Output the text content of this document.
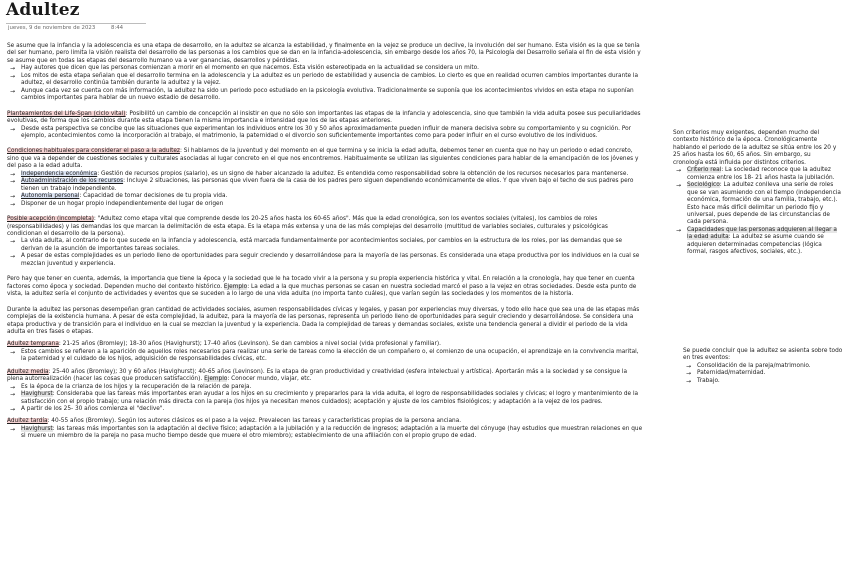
Adultez
jueves, 9 de noviembre de 2023	8:44

Se asume que la infancia y la adolescencia es una etapa de desarrollo, en la adultez se alcanza la estabilidad, y finalmente en la vejez se produce un declive, la involución del ser humano. Esta visión es la que se tenía del ser humano, pero limita la visión realista del desarrollo de las personas a los cambios que se dan en la infancia-adolescencia, sin embargo desde los años 70, la Psicología del Desarrollo señala el fin de esta visión y se asume que en todas las etapas del desarrollo humano va a ver ganancias, desarrollos y pérdidas.

→	Hay autores que dicen que las personas comienzan a morir en el momento en que nacemos. Esta visión estereotipada en la actualidad se considera un mito.
→	Los mitos de esta etapa señalan que el desarrollo termina en la adolescencia y La adultez es un periodo de estabilidad y ausencia de cambios. Lo cierto es que en realidad ocurren cambios importantes durante la adultez, el desarrollo continúa también durante la adultez y la vejez.
→	Aunque cada vez se cuenta con más información, la adultez ha sido un periodo poco estudiado en la psicología evolutiva. Tradicionalmente se suponía que los acontecimientos vividos en esta etapa no suponían cambios importantes para hablar de un nuevo estadio de desarrollo.

Planteamientos del Life-Span (ciclo vital): Posibilitó un cambio de concepción al insistir en que no sólo son importantes las etapas de la infancia y adolescencia, sino que también la vida adulta posee sus peculiaridades evolutivas, de forma que los cambios durante esta etapa tienen la misma importancia e intensidad que los de las etapas anteriores.

→	Desde esta perspectiva se concibe que las situaciones que experimentan los individuos entre los 30 y 50 años aproximadamente pueden influir de manera decisiva sobre su comportamiento y su cognición. Por ejemplo, acontecimientos como la incorporación al trabajo, el matrimonio, la paternidad o el divorcio son suficientemente importantes como para poder influir en el curso evolutivo de los individuos.

Condiciones habituales para considerar el paso a la adultez: Si hablamos de la juventud y del momento en el que termina y se inicia la edad adulta, debemos tener en cuenta que no hay un periodo o edad concreto, sino que va a depender de cuestiones sociales y culturales asociadas al lugar concreto en el que nos encontremos. Habitualmente se utilizan las siguientes condiciones para hablar de la emancipación de los jóvenes y del paso a la edad adulta.

→	Independencia económica: Gestión de recursos propios (salario), es un signo de haber alcanzado la adultez. Es entendida como responsabilidad sobre la obtención de los recursos necesarios para mantenerse.
→	Autoadministración de los recursos: Incluye 2 situaciones, las personas que viven fuera de la casa de los padres pero siguen dependiendo económicamente de ellos. Y que viven bajo el techo de sus padres pero tienen un trabajo independiente.
→	Autonomía personal: Capacidad de tomar decisiones de tu propia vida.
→	Disponer de un hogar propio independientemente del lugar de origen

Posible acepción (incompleta): "Adultez como etapa vital que comprende desde los 20-25 años hasta los 60-65 años". Más que la edad cronológica, son los eventos sociales (vitales), los cambios de roles (responsabilidades) y las demandas los que marcan la delimitación de esta etapa. Es la etapa más extensa y una de las más complejas del desarrollo (multitud de variables sociales, culturales y psicológicas condicionan el desarrollo de la persona).

→	La vida adulta, al contrario de lo que sucede en la infancia y adolescencia, está marcada fundamentalmente por acontecimientos sociales, por cambios en la estructura de los roles, por las demandas que se derivan de la asunción de importantes tareas sociales.
→	A pesar de estas complejidades es un periodo lleno de oportunidades para seguir creciendo y desarrollándose para la mayoría de las personas. Es considerada una etapa productiva por los individuos en la cual se mezclan juventud y experiencia.

Pero hay que tener en cuenta, además, la importancia que tiene la época y la sociedad que le ha tocado vivir a la persona y su propia experiencia histórica y vital. En relación a la cronología, hay que tener en cuenta factores como época y sociedad. Dependen mucho del contexto histórico. Ejemplo: La edad a la que muchas personas se casan en nuestra sociedad marcó el paso a la vejez en otras sociedades. Desde esta punto de vista, la adultez sería el conjunto de actividades y eventos que se suceden a lo largo de una vida adulta (no importa tanto cuáles), que varían según las sociedades y los momentos de la historia.

Durante la adultez las personas desempeñan gran cantidad de actividades sociales, asumen responsabilidades cívicas y legales, y pasan por experiencias muy diversas, y todo ello hace que sea una de las etapas más complejas de la existencia humana. A pesar de esta complejidad, la adultez, para la mayoría de las personas, representa un periodo lleno de oportunidades para seguir creciendo y desarrollándose. Se considera una etapa productiva y de transición para el individuo en la cual se mezclan la juventud y la experiencia. Dada la complejidad de tareas y demandas sociales, existe una tendencia general a dividir el periodo de la vida adulta en tres fases o etapas.

Adultez temprana: 21-25 años (Bromley); 18-30 años (Havighurst); 17-40 años (Levinson). Se dan cambios a nivel social (vida profesional y familiar).

→	Estos cambios se refieren a la aparición de aquellos roles necesarios para realizar una serie de tareas como la elección de un compañero o, el comienzo de una ocupación, el aprendizaje en la convivencia marital, la paternidad y el cuidado de los hijos, adquisición de responsabilidades cívicas, etc.

Adultez media: 25-40 años (Bromley); 30 y 60 años (Havighurst); 40-65 años (Levinson). Es la etapa de gran productividad y creatividad (esfera intelectual y artística). Aportarán más a la sociedad y se consigue la plena autorrealización (hacer las cosas que producen satisfacción). Ejemplo: Conocer mundo, viajar, etc.

→	Es la época de la crianza de los hijos y la recuperación de la relación de pareja.
→	Havighurst: Consideraba que las tareas más importantes eran ayudar a los hijos en su crecimiento y prepararlos para la vida adulta, el logro de responsabilidades sociales y cívicas; el logro y mantenimiento de la satisfacción con el propio trabajo; una relación más directa con la pareja (los hijos ya necesitan menos cuidados); aceptación y ajuste de los cambios fisiológicos; y adaptación a la vejez de los padres.
→	A partir de los 25- 30 años comienza el "declive".

Adultez tardía: 40-55 años (Bromley). Según los autores clásicos es el paso a la vejez. Prevalecen las tareas y características propias de la persona anciana.

→	Havighurst: las tareas más importantes son la adaptación al declive físico; adaptación a la jubilación y a la reducción de ingresos; adaptación a la muerte del cónyuge (hay estudios que muestran relaciones en que si muere un miembro de la pareja no pasa mucho tiempo desde que muere el otro miembro); establecimiento de una afiliación con el propio grupo de edad.

Son criterios muy exigentes, dependen mucho del contexto histórico de la época. Cronológicamente hablando el periodo de la adultez se sitúa entre los 20 y 25 años hasta los 60, 65 años. Sin embargo, su cronología está influida por distintos criterios.

→	Criterio real: La sociedad reconoce que la adultez comienza entre los 18- 21 años hasta la jubilación.
→	Sociológico: La adultez conlleva una serie de roles que se van asumiendo con el tiempo (independencia económica, formación de una familia, trabajo, etc.). Esto hace más difícil delimitar un periodo fijo y universal, pues depende de las circunstancias de cada persona.
→	Capacidades que las personas adquieren al llegar a la edad adulta: La adultez se asume cuando se adquieren determinadas competencias (lógica formal, rasgos afectivos, sociales, etc.).

Se puede concluir que la adultez se asienta sobre todo en tres eventos:

→	Consolidación de la pareja/matrimonio.
→	Paternidad/maternidad.
→	Trabajo.
